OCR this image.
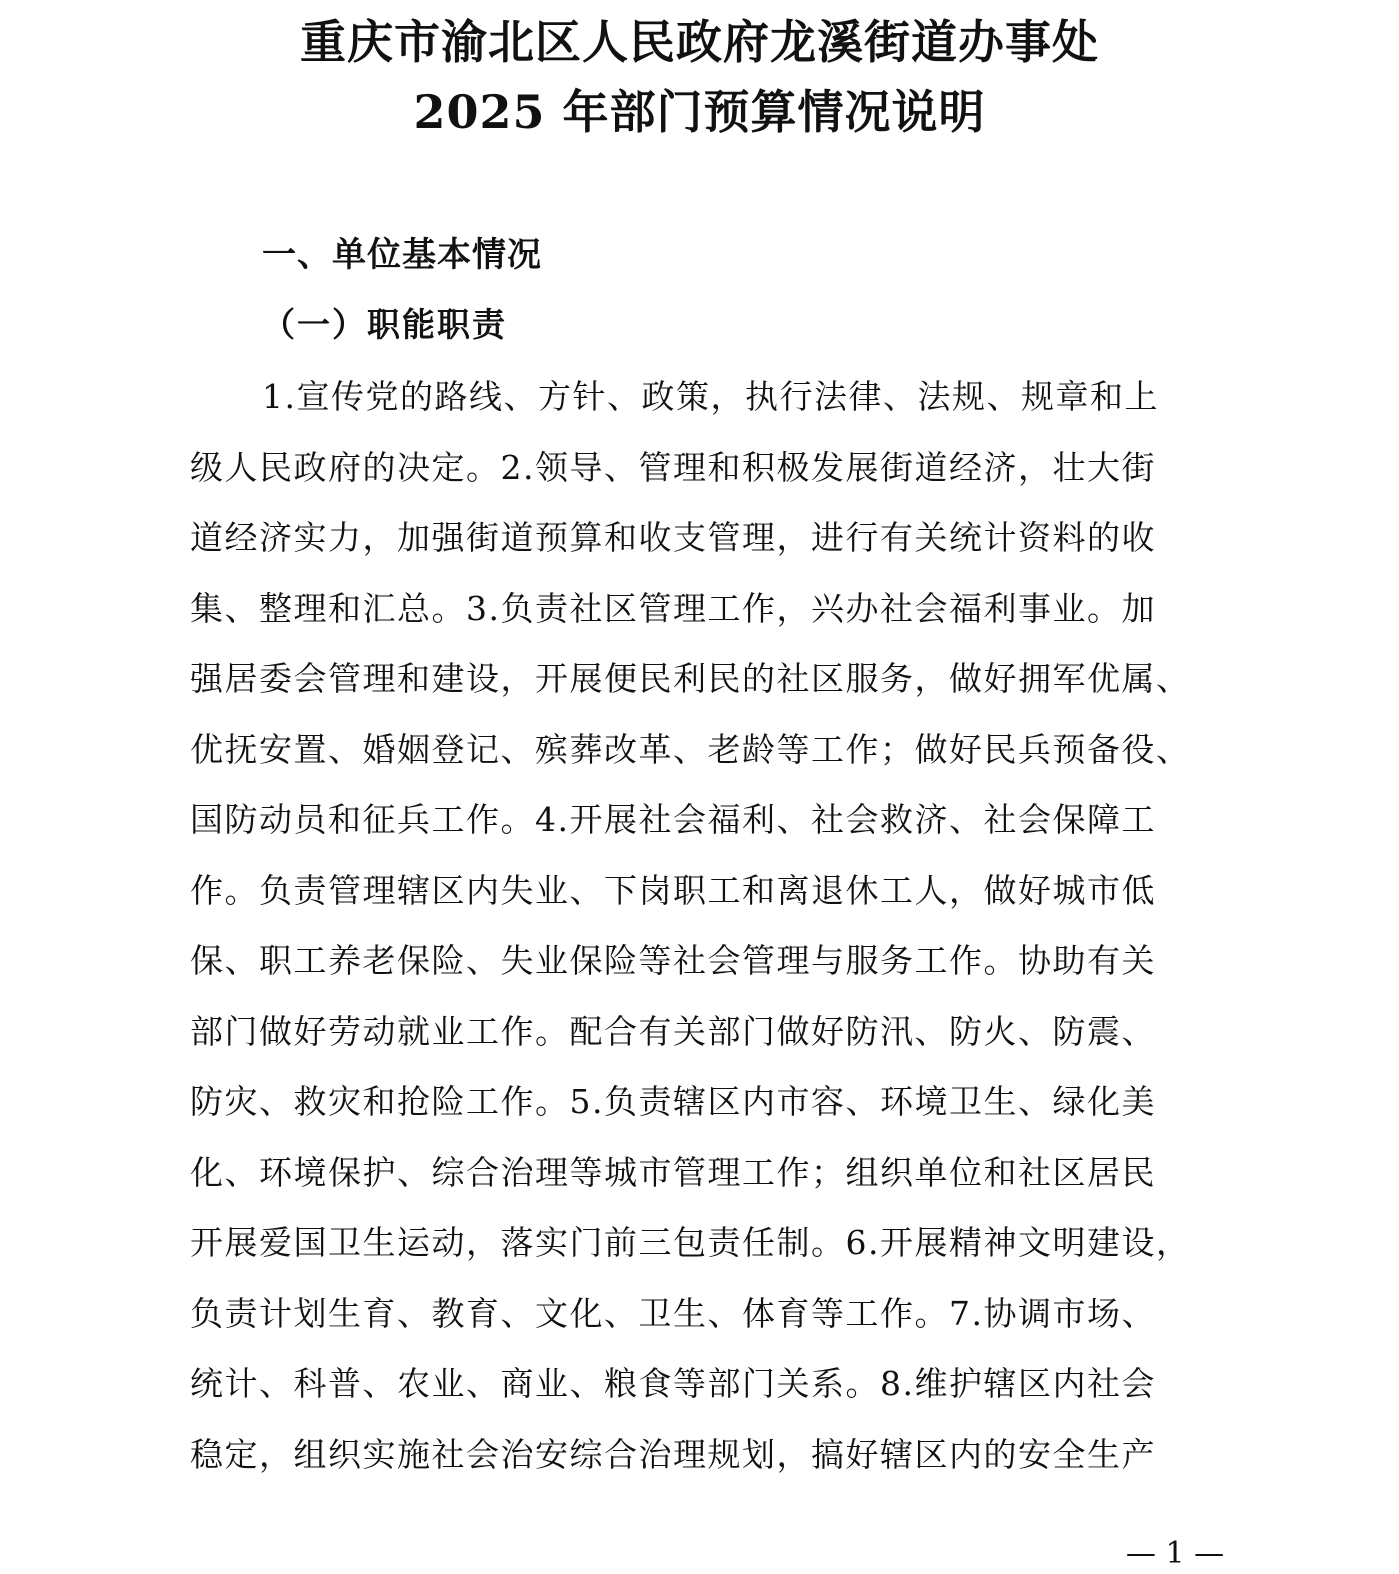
重庆市渝北区人民政府龙溪街道办事处
2025 年部门预算情况说明
一、单位基本情况
（一）职能职责
1.宣传党的路线、方针、政策，执行法律、法规、规章和上
级人民政府的决定。2.领导、管理和积极发展街道经济，壮大街
道经济实力，加强街道预算和收支管理，进行有关统计资料的收
集、整理和汇总。3.负责社区管理工作，兴办社会福利事业。加
强居委会管理和建设，开展便民利民的社区服务，做好拥军优属、
优抚安置、婚姻登记、殡葬改革、老龄等工作；做好民兵预备役、
国防动员和征兵工作。4.开展社会福利、社会救济、社会保障工
作。负责管理辖区内失业、下岗职工和离退休工人，做好城市低
保、职工养老保险、失业保险等社会管理与服务工作。协助有关
部门做好劳动就业工作。配合有关部门做好防汛、防火、防震、
防灾、救灾和抢险工作。5.负责辖区内市容、环境卫生、绿化美
化、环境保护、综合治理等城市管理工作；组织单位和社区居民
开展爱国卫生运动，落实门前三包责任制。6.开展精神文明建设，
负责计划生育、教育、文化、卫生、体育等工作。7.协调市场、
统计、科普、农业、商业、粮食等部门关系。8.维护辖区内社会
稳定，组织实施社会治安综合治理规划，搞好辖区内的安全生产
— 1 —
